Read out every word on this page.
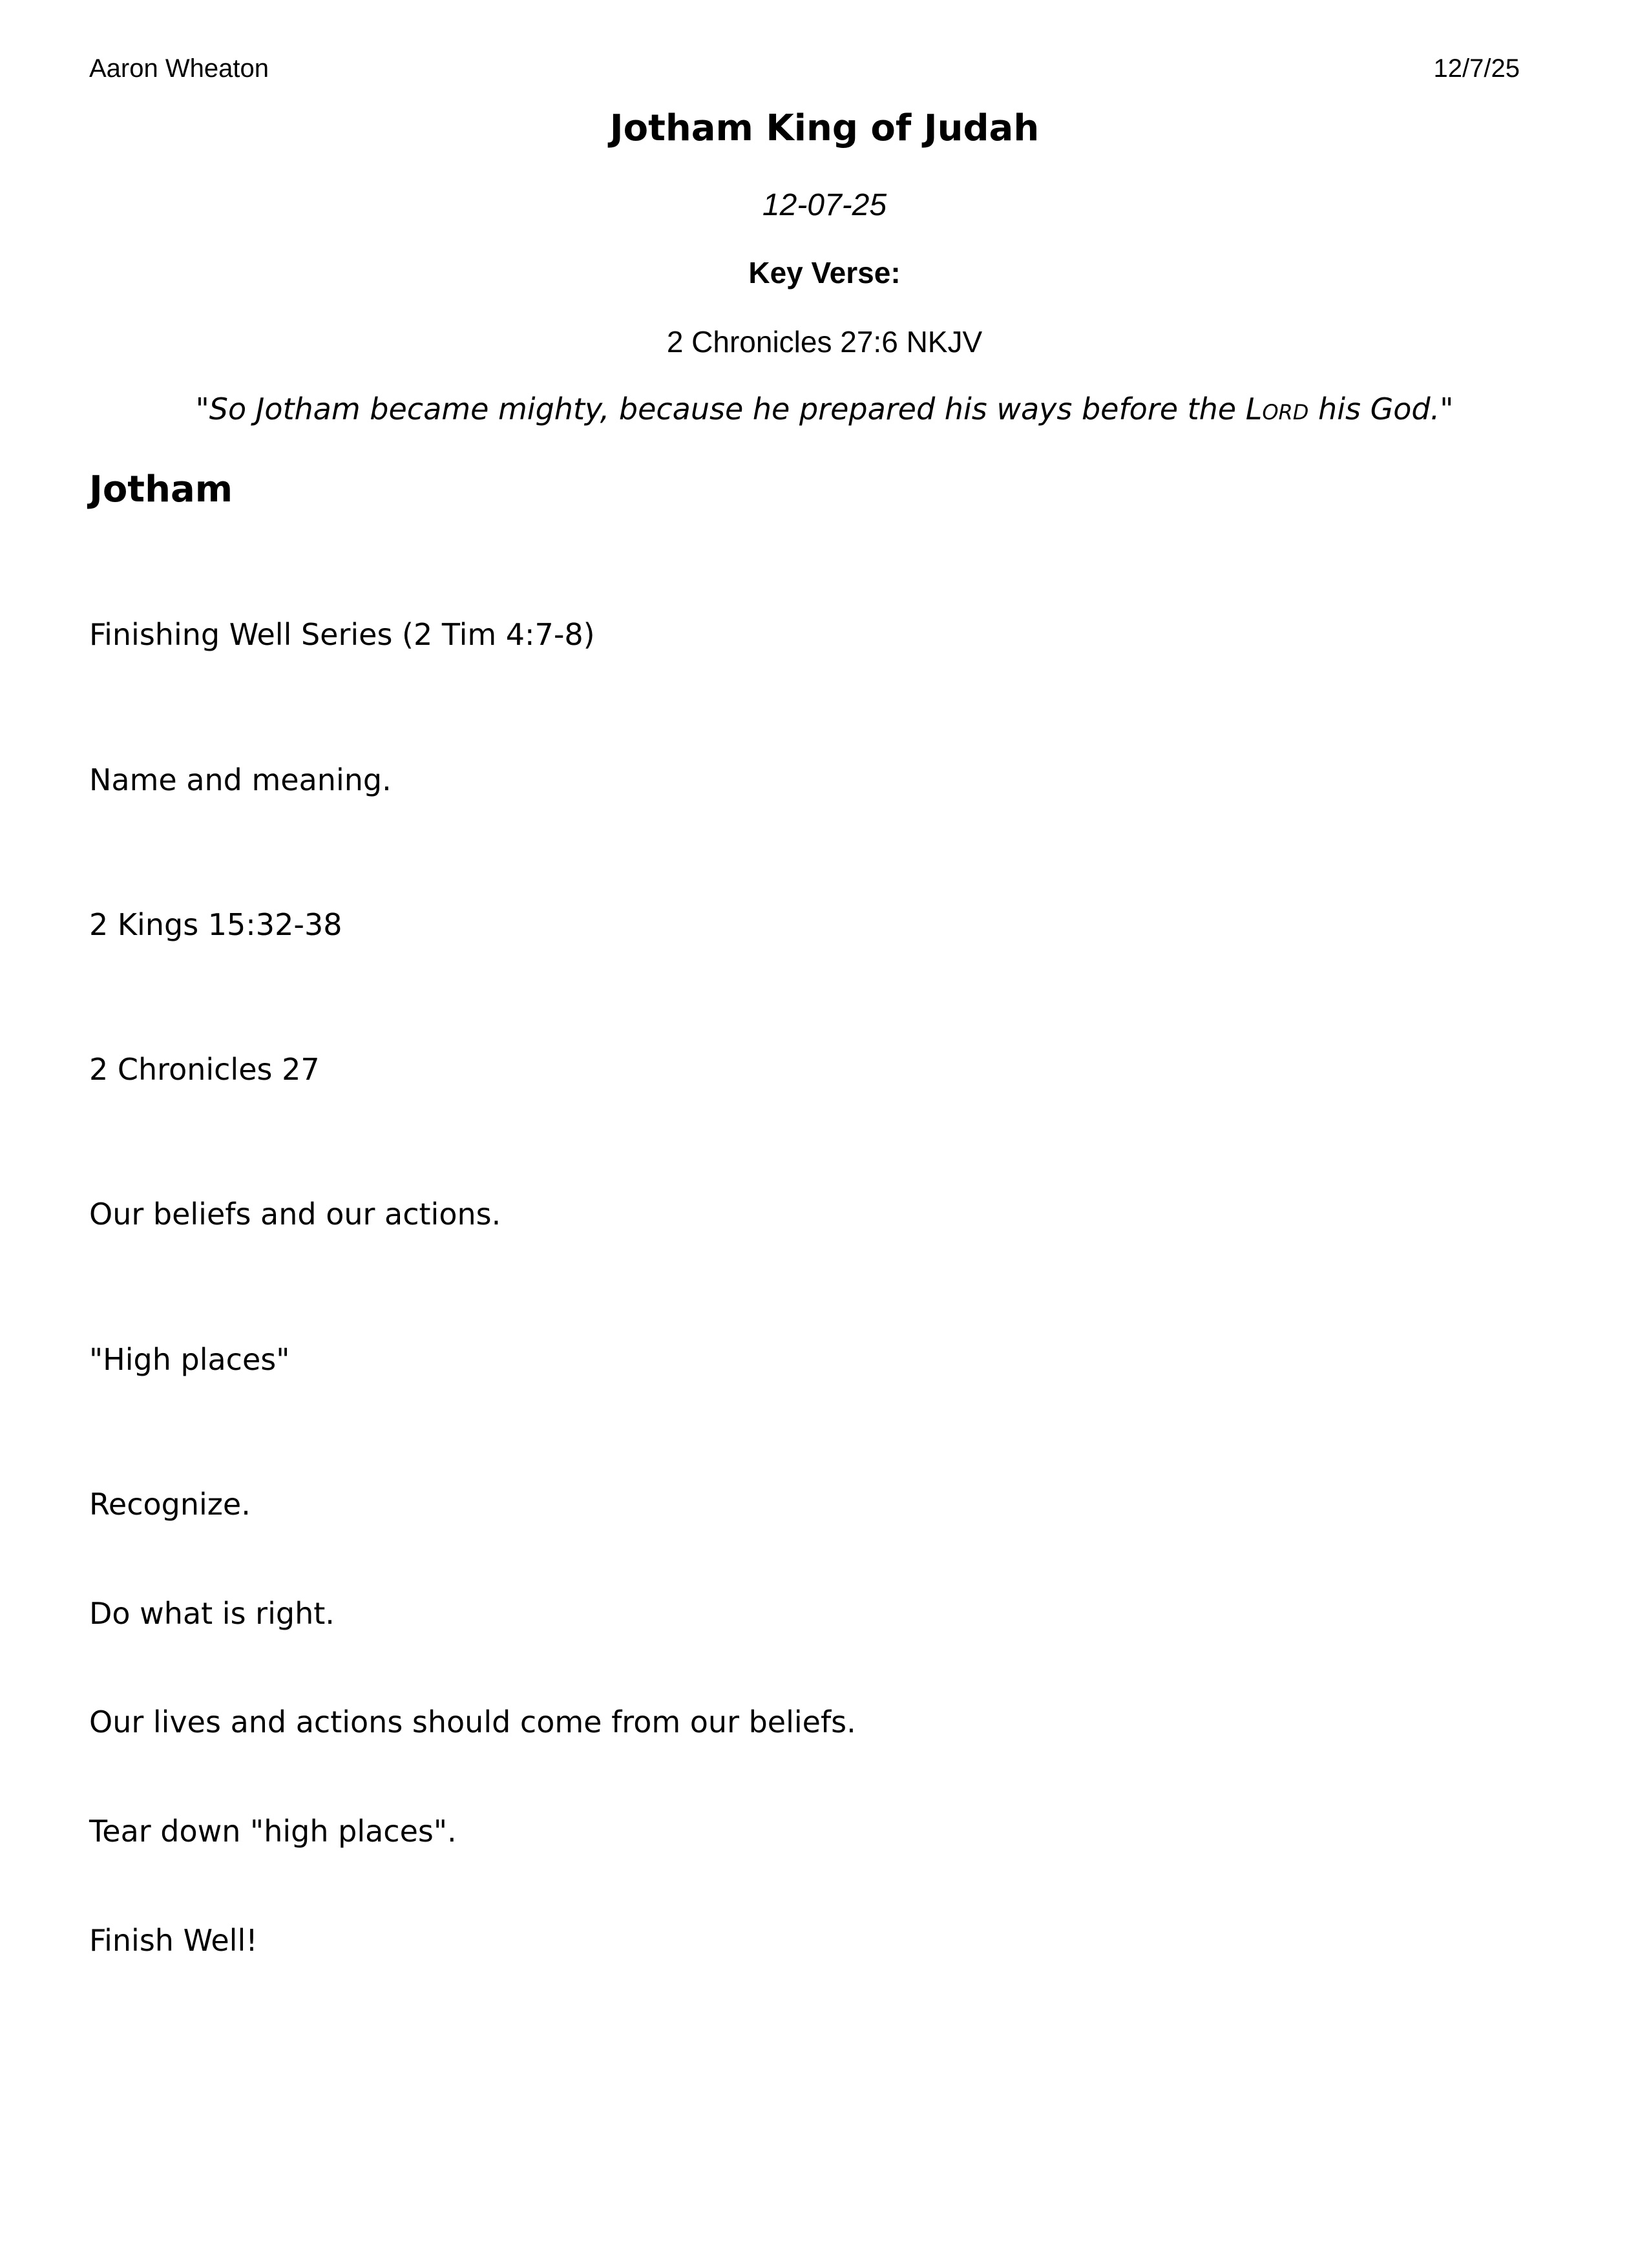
Aaron Wheaton	12/7/25
Jotham King of Judah
12-07-25
Key Verse:
2 Chronicles 27:6 NKJV
"So Jotham became mighty, because he prepared his ways before the Lord his God."
Jotham
Finishing Well Series (2 Tim 4:7-8)
Name and meaning.
2 Kings 15:32-38
2 Chronicles 27
Our beliefs and our actions.
"High places"
Recognize.
Do what is right.
Our lives and actions should come from our beliefs.
Tear down "high places".
Finish Well!
